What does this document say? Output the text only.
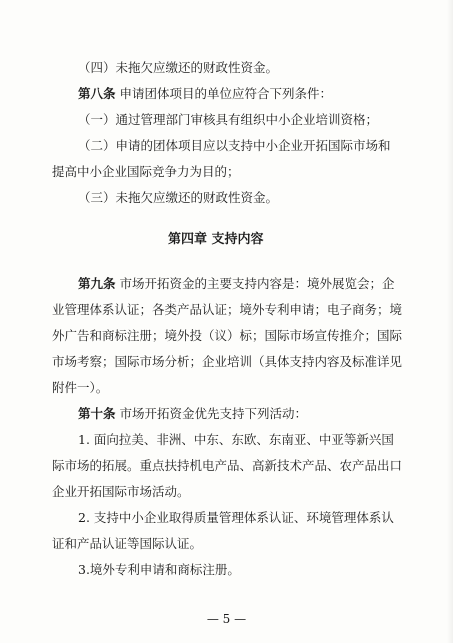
（四）未拖欠应缴还的财政性资金。
第八条 申请团体项目的单位应符合下列条件：
（一）通过管理部门审核具有组织中小企业培训资格；
（二）申请的团体项目应以支持中小企业开拓国际市场和
提高中小企业国际竞争力为目的；
（三）未拖欠应缴还的财政性资金。
第四章 支持内容
第九条 市场开拓资金的主要支持内容是：境外展览会；企
业管理体系认证；各类产品认证；境外专利申请；电子商务；境
外广告和商标注册；境外投（议）标；国际市场宣传推介；国际
市场考察；国际市场分析；企业培训（具体支持内容及标准详见
附件一）。
第十条 市场开拓资金优先支持下列活动：
1. 面向拉美、非洲、中东、东欧、东南亚、中亚等新兴国
际市场的拓展。重点扶持机电产品、高新技术产品、农产品出口
企业开拓国际市场活动。
2. 支持中小企业取得质量管理体系认证、环境管理体系认
证和产品认证等国际认证。
3.境外专利申请和商标注册。
— 5 —
